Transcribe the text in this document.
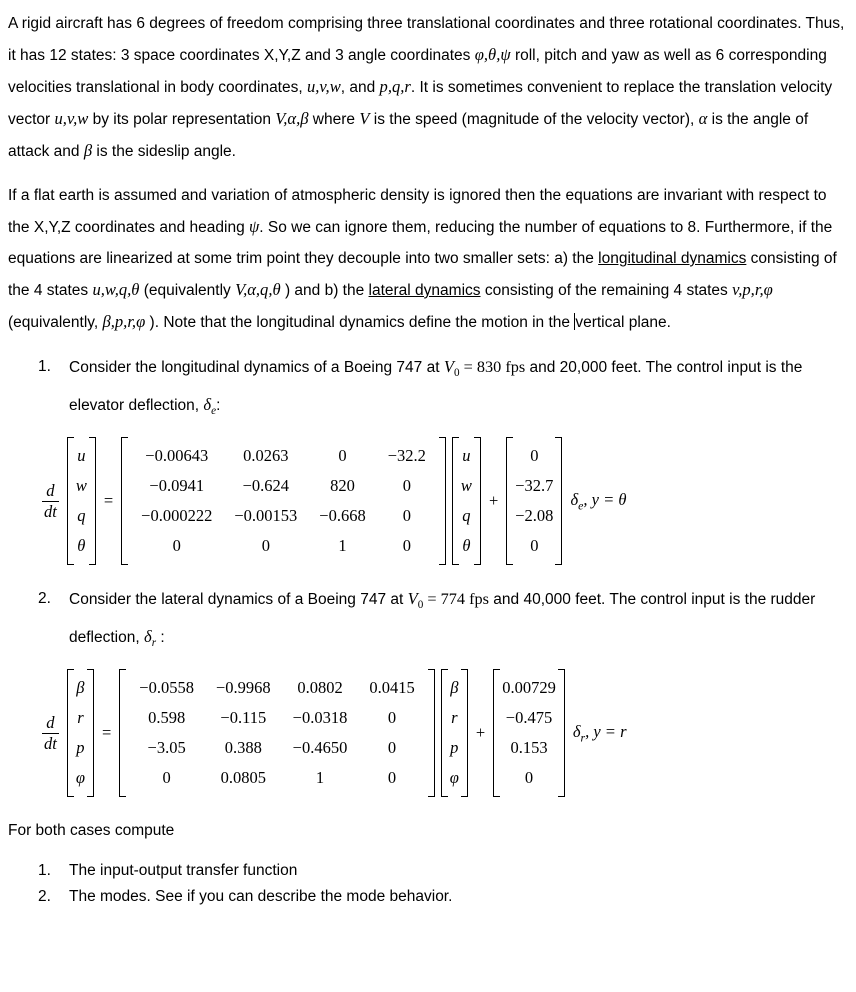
A rigid aircraft has 6 degrees of freedom comprising three translational coordinates and three rotational coordinates. Thus, it has 12 states: 3 space coordinates X,Y,Z and 3 angle coordinates φ,θ,ψ roll, pitch and yaw as well as 6 corresponding velocities translational in body coordinates, u,v,w, and p,q,r. It is sometimes convenient to replace the translation velocity vector u,v,w by its polar representation V,α,β where V is the speed (magnitude of the velocity vector), α is the angle of attack and β is the sideslip angle.

If a flat earth is assumed and variation of atmospheric density is ignored then the equations are invariant with respect to the X,Y,Z coordinates and heading ψ. So we can ignore them, reducing the number of equations to 8. Furthermore, if the equations are linearized at some trim point they decouple into two smaller sets: a) the longitudinal dynamics consisting of the 4 states u,w,q,θ (equivalently V,α,q,θ ) and b) the lateral dynamics consisting of the remaining 4 states v,p,r,φ (equivalently, β,p,r,φ ). Note that the longitudinal dynamics define the motion in the vertical plane.

1.	Consider the longitudinal dynamics of a Boeing 747 at $V_0 = 830$ fps and 20,000 feet. The control input is the elevator deflection, $\delta_e$:
$\frac{d}{dt}$
u
w
q
θ
=
−0.00643	0.0263	0	−32.2
−0.0941	−0.624	820	0
−0.000222	−0.00153	−0.668	0
0	0	1	0
u
w
q
θ
+
0
−32.7
−2.08
0
$\delta_e$, y = θ
2.	Consider the lateral dynamics of a Boeing 747 at $V_0 = 774$ fps and 40,000 feet. The control input is the rudder deflection, $\delta_r$ :
$\frac{d}{dt}$
β
r
p
φ
=
−0.0558	−0.9968	0.0802	0.0415
0.598	−0.115	−0.0318	0
−3.05	0.388	−0.4650	0
0	0.0805	1	0
β
r
p
φ
+
0.00729
−0.475
0.153
0
$\delta_r$, y = r

For both cases compute

1.	The input-output transfer function
2.	The modes. See if you can describe the mode behavior.
